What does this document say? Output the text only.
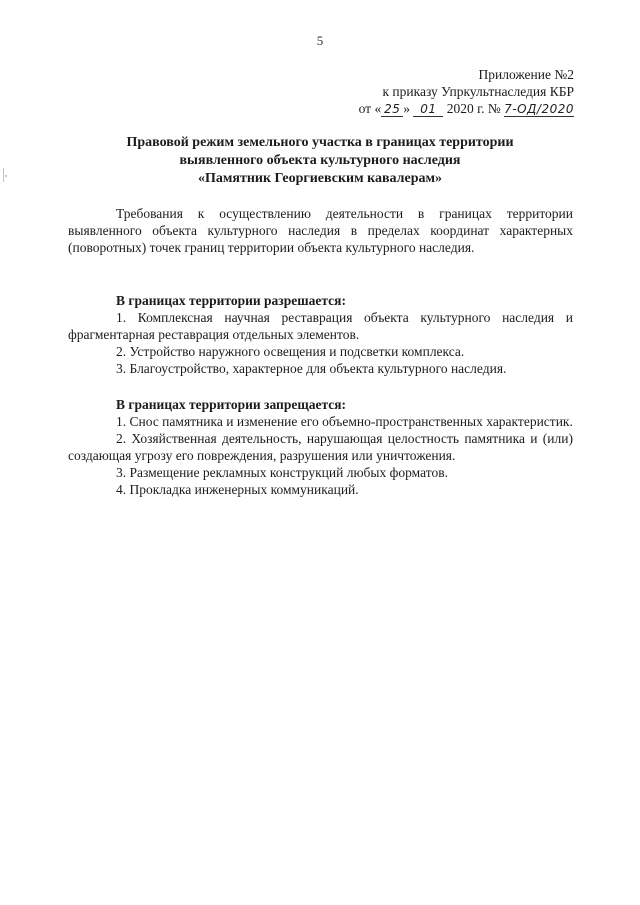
5
Приложение №2
к приказу Упркультнаследия КБР
от « 25 » 01 2020 г. № 7-ОД/2020
Правовой режим земельного участка в границах территории
выявленного объекта культурного наследия
«Памятник Георгиевским кавалерам»

Требования к осуществлению деятельности в границах территории выявленного объекта культурного наследия в пределах координат характерных (поворотных) точек границ территории объекта культурного наследия.

В границах территории разрешается:

1. Комплексная научная реставрация объекта культурного наследия и фрагментарная реставрация отдельных элементов.

2. Устройство наружного освещения и подсветки комплекса.

3. Благоустройство, характерное для объекта культурного наследия.

В границах территории запрещается:

1. Снос памятника и изменение его объемно-пространственных характеристик.

2. Хозяйственная деятельность, нарушающая целостность памятника и (или) создающая угрозу его повреждения, разрушения или уничтожения.

3. Размещение рекламных конструкций любых форматов.

4. Прокладка инженерных коммуникаций.
